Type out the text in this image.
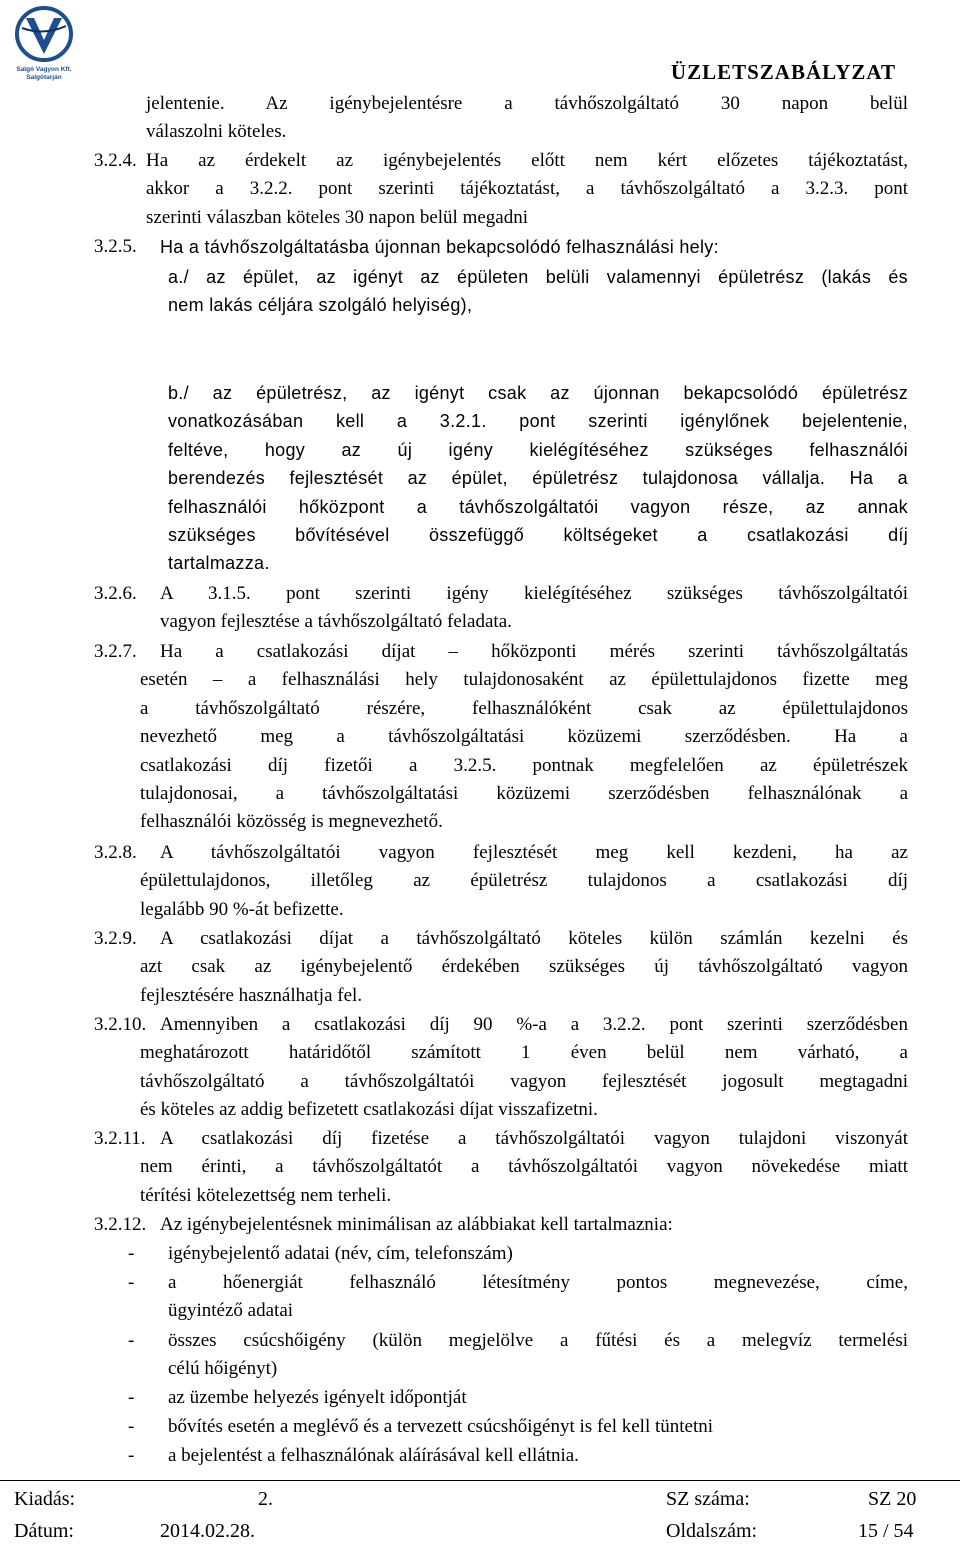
Salgó Vagyon Kft.
Salgótarján	ÜZLETSZABÁLYZAT
jelentenie. Az igénybejelentésre a távhőszolgáltató 30 napon belül
válaszolni köteles.
3.2.4. Ha az érdekelt az igénybejelentés előtt nem kért előzetes tájékoztatást,
akkor a 3.2.2. pont szerinti tájékoztatást, a távhőszolgáltató a 3.2.3. pont
szerinti válaszban köteles 30 napon belül megadni
3.2.5. Ha a távhőszolgáltatásba újonnan bekapcsolódó felhasználási hely:
a./ az épület, az igényt az épületen belüli valamennyi épületrész (lakás és
nem lakás céljára szolgáló helyiség),
b./ az épületrész, az igényt csak az újonnan bekapcsolódó épületrész
vonatkozásában kell a 3.2.1. pont szerinti igénylőnek bejelentenie,
feltéve, hogy az új igény kielégítéséhez szükséges felhasználói
berendezés fejlesztését az épület, épületrész tulajdonosa vállalja. Ha a
felhasználói hőközpont a távhőszolgáltatói vagyon része, az annak
szükséges bővítésével összefüggő költségeket a csatlakozási díj
tartalmazza.
3.2.6. A 3.1.5. pont szerinti igény kielégítéséhez szükséges távhőszolgáltatói
vagyon fejlesztése a távhőszolgáltató feladata.
3.2.7.	Ha a csatlakozási díjat – hőközponti mérés szerinti távhőszolgáltatás
esetén – a felhasználási hely tulajdonosaként az épülettulajdonos fizette meg
a távhőszolgáltató részére, felhasználóként csak az épülettulajdonos
nevezhető meg a távhőszolgáltatási közüzemi szerződésben. Ha a
csatlakozási díj fizetői a 3.2.5. pontnak megfelelően az épületrészek
tulajdonosai, a távhőszolgáltatási közüzemi szerződésben felhasználónak a
felhasználói közösség is megnevezhető.
3.2.8.	A távhőszolgáltatói vagyon fejlesztését meg kell kezdeni, ha az
épülettulajdonos, illetőleg az épületrész tulajdonos a csatlakozási díj
legalább 90 %-át befizette.
3.2.9.	A csatlakozási díjat a távhőszolgáltató köteles külön számlán kezelni és
azt csak az igénybejelentő érdekében szükséges új távhőszolgáltató vagyon
fejlesztésére használhatja fel.
3.2.10. Amennyiben a csatlakozási díj 90 %-a a 3.2.2. pont szerinti szerződésben
meghatározott határidőtől számított 1 éven belül nem várható, a
távhőszolgáltató a távhőszolgáltatói vagyon fejlesztését jogosult megtagadni
és köteles az addig befizetett csatlakozási díjat visszafizetni.
3.2.11. A csatlakozási díj fizetése a távhőszolgáltatói vagyon tulajdoni viszonyát
nem érinti, a távhőszolgáltatót a távhőszolgáltatói vagyon növekedése miatt
térítési kötelezettség nem terheli.
3.2.12. Az igénybejelentésnek minimálisan az alábbiakat kell tartalmaznia:
- igénybejelentő adatai (név, cím, telefonszám)
- a hőenergiát felhasználó létesítmény pontos megnevezése, címe,
ügyintéző adatai
- összes csúcshőigény (külön megjelölve a fűtési és a melegvíz termelési
célú hőigényt)
- az üzembe helyezés igényelt időpontját
- bővítés esetén a meglévő és a tervezett csúcshőigényt is fel kell tüntetni
- a bejelentést a felhasználónak aláírásával kell ellátnia.
Kiadás:	2.	SZ száma:	SZ 20
Dátum:	2014.02.28.	Oldalszám:	15 / 54
